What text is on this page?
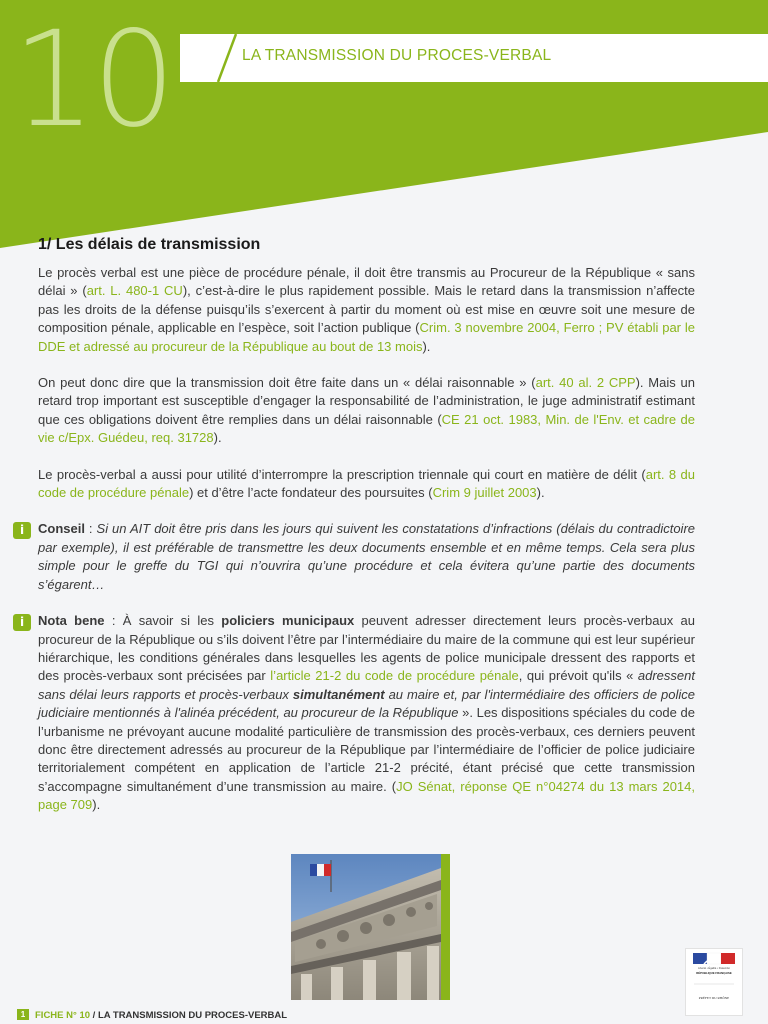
10	LA TRANSMISSION DU PROCES-VERBAL
1/ Les délais de transmission

Le procès verbal est une pièce de procédure pénale, il doit être transmis au Procureur de la République « sans délai » (art. L. 480-1 CU), c’est-à-dire le plus rapidement possible. Mais le retard dans la transmission n’affecte pas les droits de la défense puisqu’ils s’exercent à partir du moment où est mise en œuvre soit une mesure de composition pénale, applicable en l’espèce, soit l’action publique (Crim. 3 novembre 2004, Ferro ; PV établi par le DDE et adressé au procureur de la République au bout de 13 mois).

On peut donc dire que la transmission doit être faite dans un « délai raisonnable » (art. 40 al. 2 CPP). Mais un retard trop important est susceptible d’engager la responsabilité de l’administration, le juge administratif estimant que ces obligations doivent être remplies dans un délai raisonnable (CE 21 oct. 1983, Min. de l'Env. et cadre de vie c/Epx. Guédeu, req. 31728).

Le procès-verbal a aussi pour utilité d’interrompre la prescription triennale qui court en matière de délit (art. 8 du code de procédure pénale) et d’être l’acte fondateur des poursuites (Crim 9 juillet 2003).

i	Conseil : Si un AIT doit être pris dans les jours qui suivent les constatations d’infractions (délais du contradictoire par exemple), il est préférable de transmettre les deux documents ensemble et en même temps. Cela sera plus simple pour le greffe du TGI qui n’ouvrira qu’une procédure et cela évitera qu’une partie des documents s’égarent…

i	Nota bene : À savoir si les policiers municipaux peuvent adresser directement leurs procès-verbaux au procureur de la République ou s’ils doivent l’être par l’intermédiaire du maire de la commune qui est leur supérieur hiérarchique, les conditions générales dans lesquelles les agents de police municipale dressent des rapports et des procès-verbaux sont précisées par l’article 21-2 du code de procédure pénale, qui prévoit qu'ils « adressent sans délai leurs rapports et procès-verbaux simultanément au maire et, par l'intermédiaire des officiers de police judiciaire mentionnés à l'alinéa précédent, au procureur de la République ». Les dispositions spéciales du code de l’urbanisme ne prévoyant aucune modalité particulière de transmission des procès-verbaux, ces derniers peuvent donc être directement adressés au procureur de la République par l’intermédiaire de l’officier de police judiciaire territorialement compétent en application de l’article 21-2 précité, étant précisé que cette transmission s’accompagne simultanément d’une transmission au maire. (JO Sénat, réponse QE n°04274 du 13 mars 2014, page 709).

Liberté • Égalité • Fraternité
RÉPUBLIQUE FRANÇAISE
PRÉFET DU RHÔNE
1 FICHE N° 10 / LA TRANSMISSION DU PROCES-VERBAL
